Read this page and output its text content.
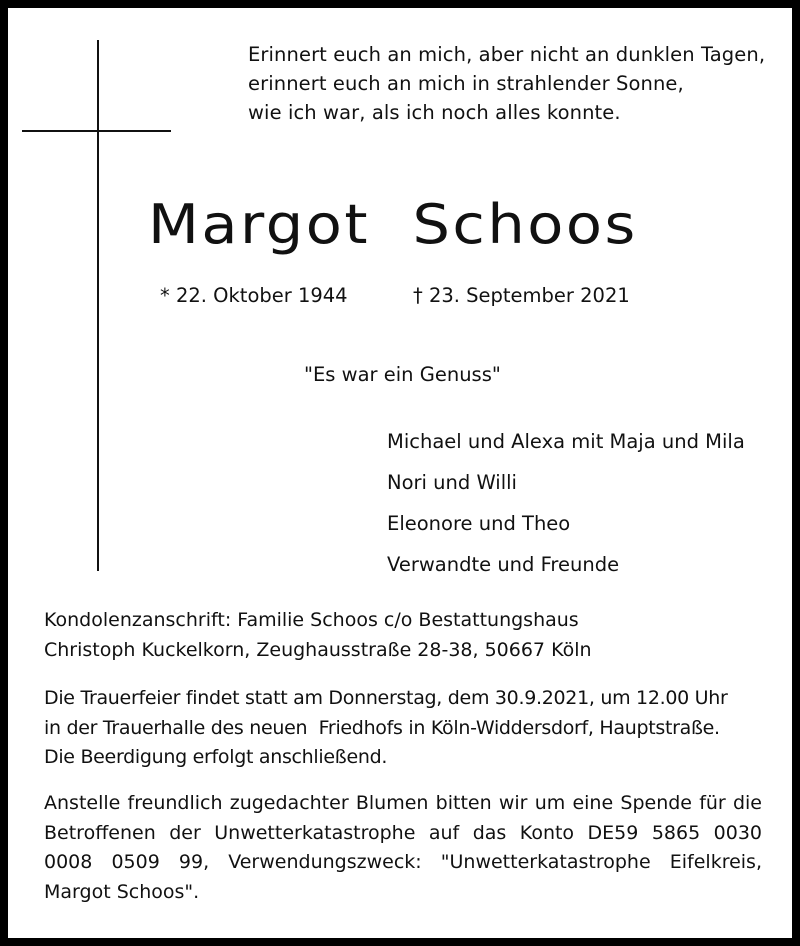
Erinnert euch an mich, aber nicht an dunklen Tagen,
erinnert euch an mich in strahlender Sonne,
wie ich war, als ich noch alles konnte.
Margot  Schoos
* 22. Oktober 1944	† 23. September 2021
"Es war ein Genuss"
Michael und Alexa mit Maja und Mila
Nori und Willi
Eleonore und Theo
Verwandte und Freunde
Kondolenzanschrift: Familie Schoos c/o Bestattungshaus
Christoph Kuckelkorn, Zeughausstraße 28-38, 50667 Köln
Die Trauerfeier findet statt am Donnerstag, dem 30.9.2021, um 12.00 Uhr
in der Trauerhalle des neuen  Friedhofs in Köln-Widdersdorf, Hauptstraße.
Die Beerdigung erfolgt anschließend.
Anstelle freundlich zugedachter Blumen bitten wir um eine Spende für die
Betroffenen der Unwetterkatastrophe auf das Konto DE59 5865 0030
0008 0509 99, Verwendungszweck: "Unwetterkatastrophe Eifelkreis,
Margot Schoos".
